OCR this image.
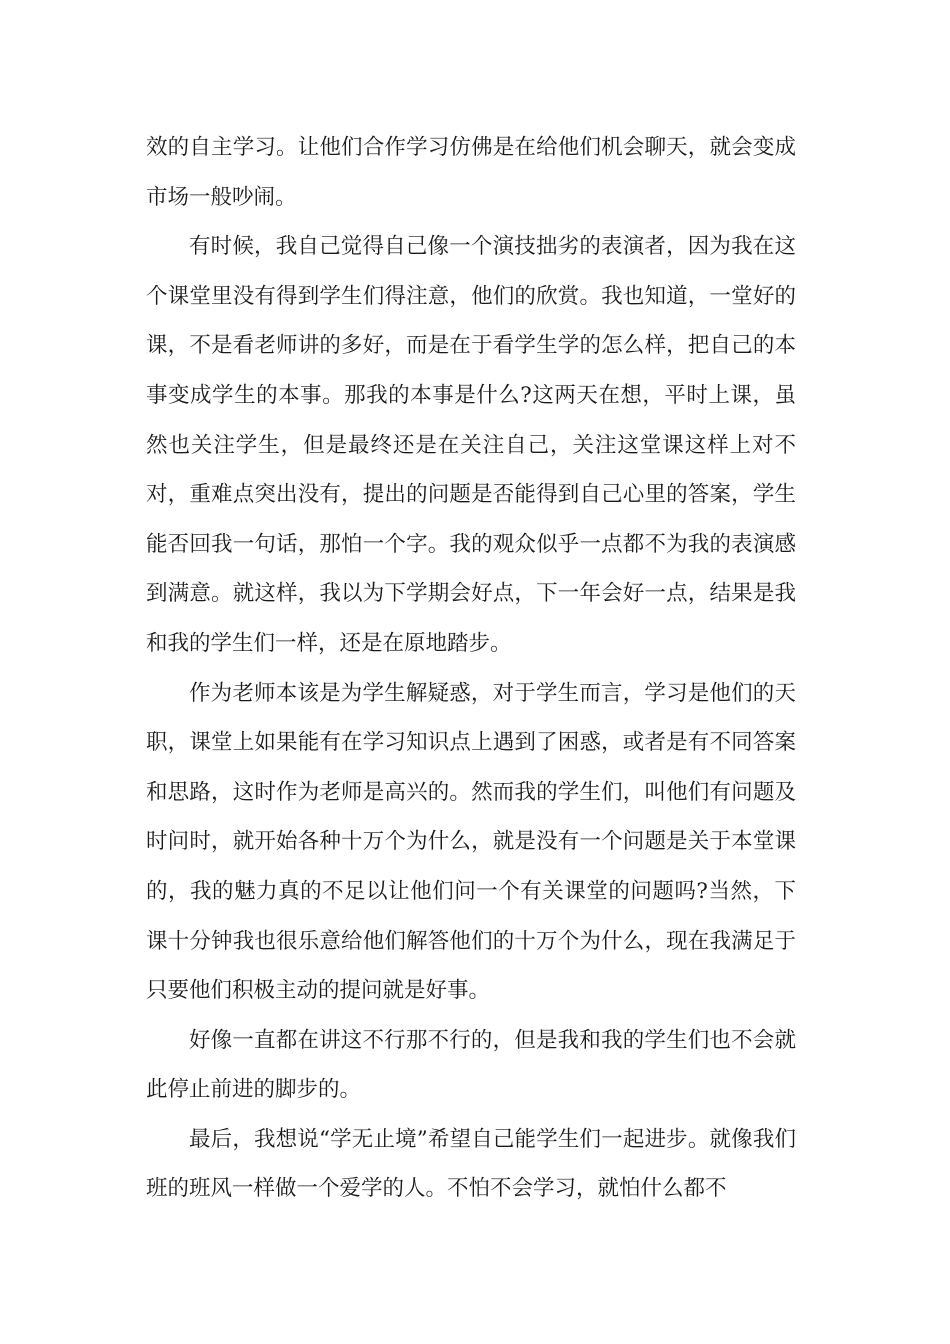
效的自主学习。让他们合作学习仿佛是在给他们机会聊天，就会变成市场一般吵闹。

有时候，我自己觉得自己像一个演技拙劣的表演者，因为我在这个课堂里没有得到学生们得注意，他们的欣赏。我也知道，一堂好的课，不是看老师讲的多好，而是在于看学生学的怎么样，把自己的本事变成学生的本事。那我的本事是什么?这两天在想，平时上课，虽然也关注学生，但是最终还是在关注自己，关注这堂课这样上对不对，重难点突出没有，提出的问题是否能得到自己心里的答案，学生能否回我一句话，那怕一个字。我的观众似乎一点都不为我的表演感到满意。就这样，我以为下学期会好点，下一年会好一点，结果是我和我的学生们一样，还是在原地踏步。

作为老师本该是为学生解疑惑，对于学生而言，学习是他们的天职，课堂上如果能有在学习知识点上遇到了困惑，或者是有不同答案和思路，这时作为老师是高兴的。然而我的学生们，叫他们有问题及时问时，就开始各种十万个为什么，就是没有一个问题是关于本堂课的，我的魅力真的不足以让他们问一个有关课堂的问题吗?当然，下课十分钟我也很乐意给他们解答他们的十万个为什么，现在我满足于只要他们积极主动的提问就是好事。

好像一直都在讲这不行那不行的，但是我和我的学生们也不会就此停止前进的脚步的。

最后，我想说“学无止境”希望自己能学生们一起进步。就像我们班的班风一样做一个爱学的人。不怕不会学习，就怕什么都不
